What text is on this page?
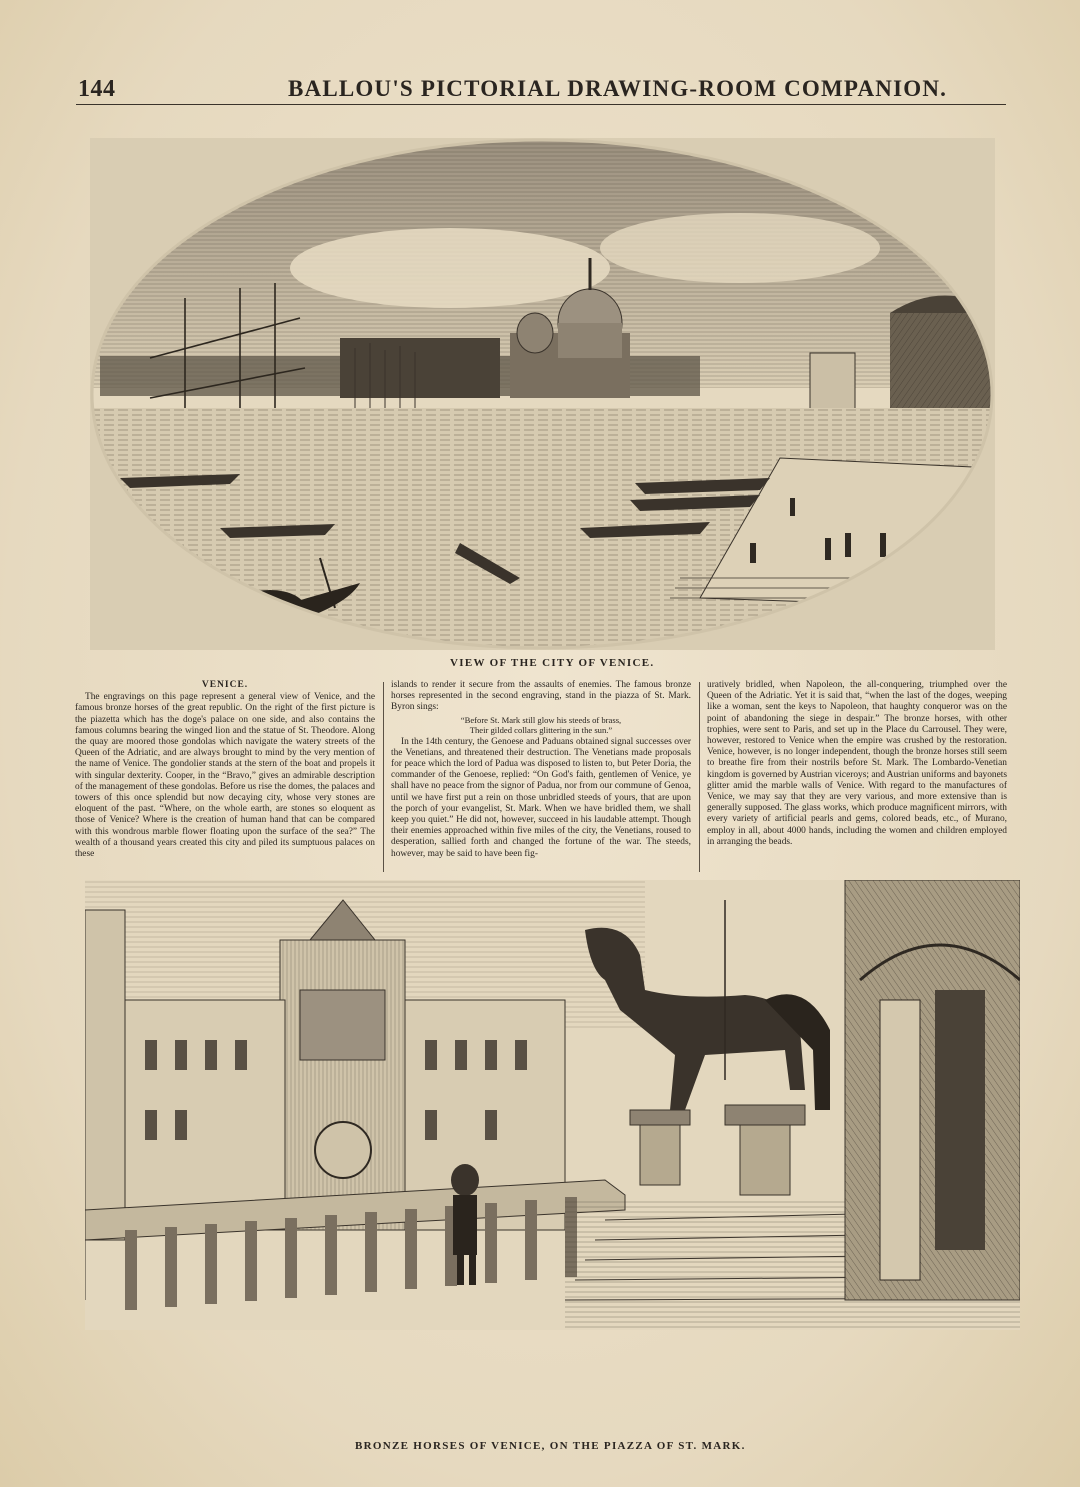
144	BALLOU'S PICTORIAL DRAWING-ROOM COMPANION.
VIEW OF THE CITY OF VENICE.
VENICE.
The engravings on this page represent a general view of Venice, and the famous bronze horses of the great republic. On the right of the first picture is the piazetta which has the doge's palace on one side, and also contains the famous columns bearing the winged lion and the statue of St. Theodore. Along the quay are moored those gondolas which navigate the watery streets of the Queen of the Adriatic, and are always brought to mind by the very mention of the name of Venice. The gondolier stands at the stern of the boat and propels it with singular dexterity. Cooper, in the “Bravo,” gives an admirable description of the management of these gondolas. Before us rise the domes, the palaces and towers of this once splendid but now decaying city, whose very stones are eloquent of the past. “Where, on the whole earth, are stones so eloquent as those of Venice? Where is the creation of human hand that can be compared with this wondrous marble flower floating upon the surface of the sea?” The wealth of a thousand years created this city and piled its sumptuous palaces on these
islands to render it secure from the assaults of enemies. The famous bronze horses represented in the second engraving, stand in the piazza of St. Mark. Byron sings:
“Before St. Mark still glow his steeds of brass,
Their gilded collars glittering in the sun.”
In the 14th century, the Genoese and Paduans obtained signal successes over the Venetians, and threatened their destruction. The Venetians made proposals for peace which the lord of Padua was disposed to listen to, but Peter Doria, the commander of the Genoese, replied: “On God's faith, gentlemen of Venice, ye shall have no peace from the signor of Padua, nor from our commune of Genoa, until we have first put a rein on those unbridled steeds of yours, that are upon the porch of your evangelist, St. Mark. When we have bridled them, we shall keep you quiet.” He did not, however, succeed in his laudable attempt. Though their enemies approached within five miles of the city, the Venetians, roused to desperation, sallied forth and changed the fortune of the war. The steeds, however, may be said to have been fig-
uratively bridled, when Napoleon, the all-conquering, triumphed over the Queen of the Adriatic. Yet it is said that, “when the last of the doges, weeping like a woman, sent the keys to Napoleon, that haughty conqueror was on the point of abandoning the siege in despair.” The bronze horses, with other trophies, were sent to Paris, and set up in the Place du Carrousel. They were, however, restored to Venice when the empire was crushed by the restoration. Venice, however, is no longer independent, though the bronze horses still seem to breathe fire from their nostrils before St. Mark. The Lombardo-Venetian kingdom is governed by Austrian viceroys; and Austrian uniforms and bayonets glitter amid the marble walls of Venice. With regard to the manufactures of Venice, we may say that they are very various, and more extensive than is generally supposed. The glass works, which produce magnificent mirrors, with every variety of artificial pearls and gems, colored beads, etc., of Murano, employ in all, about 4000 hands, including the women and children employed in arranging the beads.
BRONZE HORSES OF VENICE, ON THE PIAZZA OF ST. MARK.
